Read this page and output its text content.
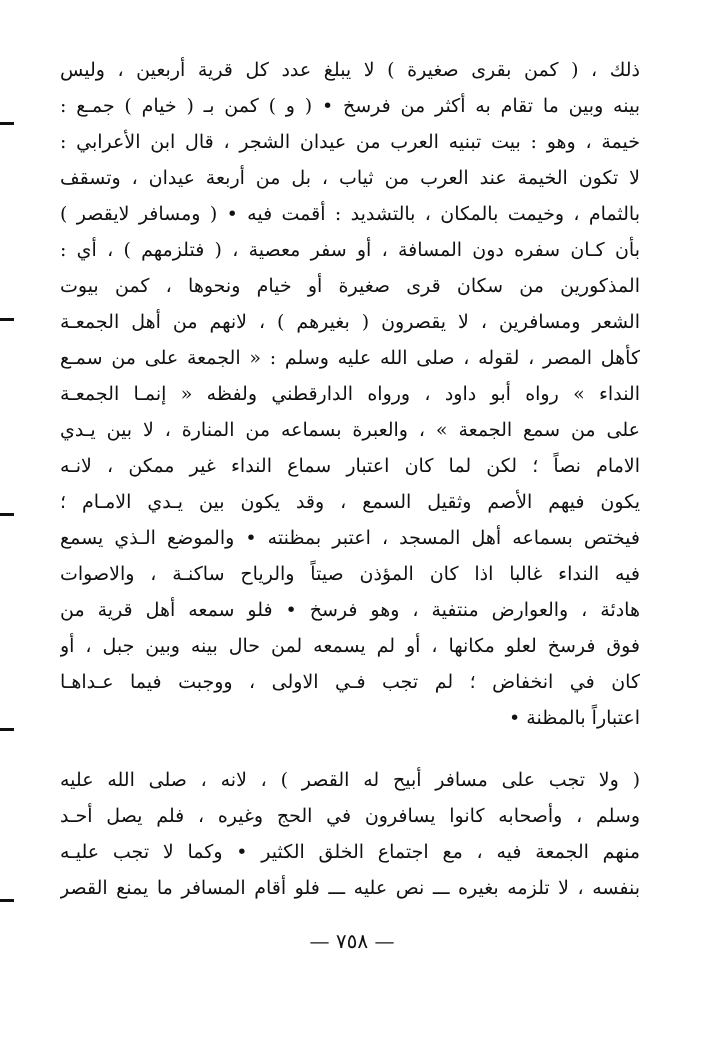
ذلك ، ( كمن بقرى صغيرة ) لا يبلغ عدد كل قرية أربعين ، وليس
بينه وبين ما تقام به أكثر من فرسخ • ( و ) كمن بـ ( خيام ) جمـع :
خيمة ، وهو : بيت تبنيه العرب من عيدان الشجر ، قال ابن الأعرابي :
لا تكون الخيمة عند العرب من ثياب ، بل من أربعة عيدان ، وتسقف
بالثمام ، وخيمت بالمكان ، بالتشديد : أقمت فيه • ( ومسافر لايقصر )
بأن كـان سفره دون المسافة ، أو سفر معصية ، ( فتلزمهم ) ، أي :
المذكورين من سكان قرى صغيرة أو خيام ونحوها ، كمن بيوت
الشعر ومسافرين ، لا يقصرون ( بغيرهم ) ، لانهم من أهل الجمعـة
كأهل المصر ، لقوله ، صلى الله عليه وسلم : « الجمعة على من سمـع
النداء » رواه أبو داود ، ورواه الدارقطني ولفظه « إنمـا الجمعـة
على من سمع الجمعة » ، والعبرة بسماعه من المنارة ، لا بين يـدي
الامام نصاً ؛ لكن لما كان اعتبار سماع النداء غير ممكن ، لانـه
يكون فيهم الأصم وثقيل السمع ، وقد يكون بين يـدي الامـام ؛
فيختص بسماعه أهل المسجد ، اعتبر بمظنته • والموضع الـذي يسمع
فيه النداء غالبا اذا كان المؤذن صيتاً والرياح ساكنـة ، والاصوات
هادئة ، والعوارض منتفية ، وهو فرسخ • فلو سمعه أهل قرية من
فوق فرسخ لعلو مكانها ، أو لم يسمعه لمن حال بينه وبين جبل ، أو
كان في انخفاض ؛ لم تجب فـي الاولى ، ووجبت فيما عـداهـا
اعتباراً بالمظنة •
( ولا تجب على مسافر أبيح له القصر ) ، لانه ، صلى الله عليه
وسلم ، وأصحابه كانوا يسافرون في الحج وغيره ، فلم يصل أحـد
منهم الجمعة فيه ، مع اجتماع الخلق الكثير • وكما لا تجب عليـه
بنفسه ، لا تلزمه بغيره ـــ نص عليه ـــ فلو أقام المسافر ما يمنع القصر
— ٧٥٨ —
